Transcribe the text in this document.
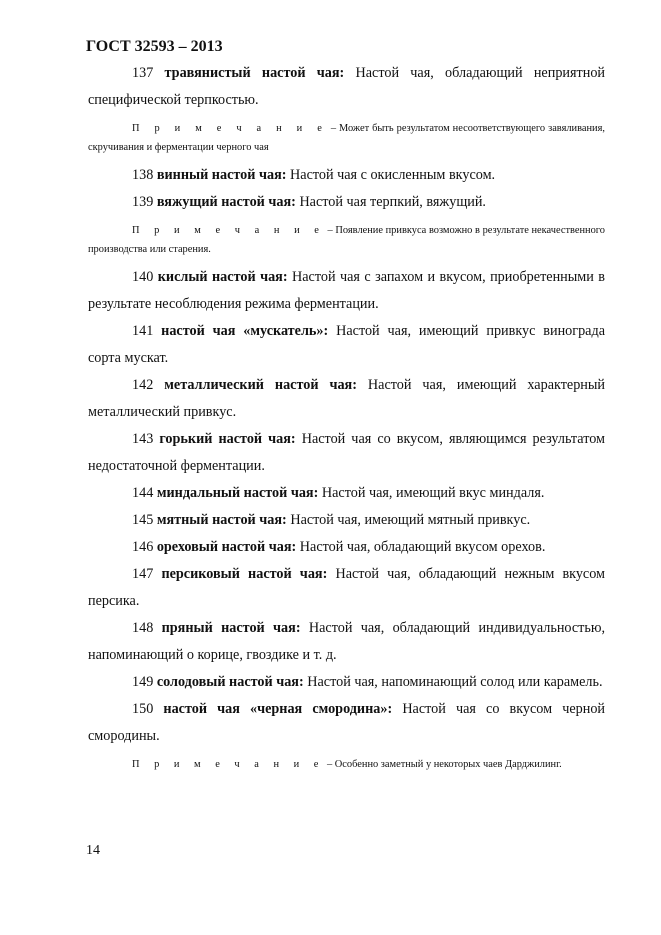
ГОСТ 32593 – 2013

137 травянистый настой чая: Настой чая, обладающий неприятной специфической терпкостью.

П р и м е ч а н и е – Может быть результатом несоответствующего завяливания, скручивания и ферментации черного чая

138 винный настой чая: Настой чая с окисленным вкусом.

139 вяжущий настой чая: Настой чая терпкий, вяжущий.

П р и м е ч а н и е – Появление привкуса возможно в результате некачественного производства или старения.

140 кислый настой чая: Настой чая с запахом и вкусом, приобретенными в результате несоблюдения режима ферментации.

141 настой чая «мускатель»: Настой чая, имеющий привкус винограда сорта мускат.

142 металлический настой чая: Настой чая, имеющий характерный металлический привкус.

143 горький настой чая: Настой чая со вкусом, являющимся результатом недостаточной ферментации.

144 миндальный настой чая: Настой чая, имеющий вкус миндаля.

145 мятный настой чая: Настой чая, имеющий мятный привкус.

146 ореховый настой чая: Настой чая, обладающий вкусом орехов.

147 персиковый настой чая: Настой чая, обладающий нежным вкусом персика.

148 пряный настой чая: Настой чая, обладающий индивидуальностью, напоминающий о корице, гвоздике и т. д.

149 солодовый настой чая: Настой чая, напоминающий солод или карамель.

150 настой чая «черная смородина»: Настой чая со вкусом черной смородины.

П р и м е ч а н и е – Особенно заметный у некоторых чаев Дарджилинг.

14
